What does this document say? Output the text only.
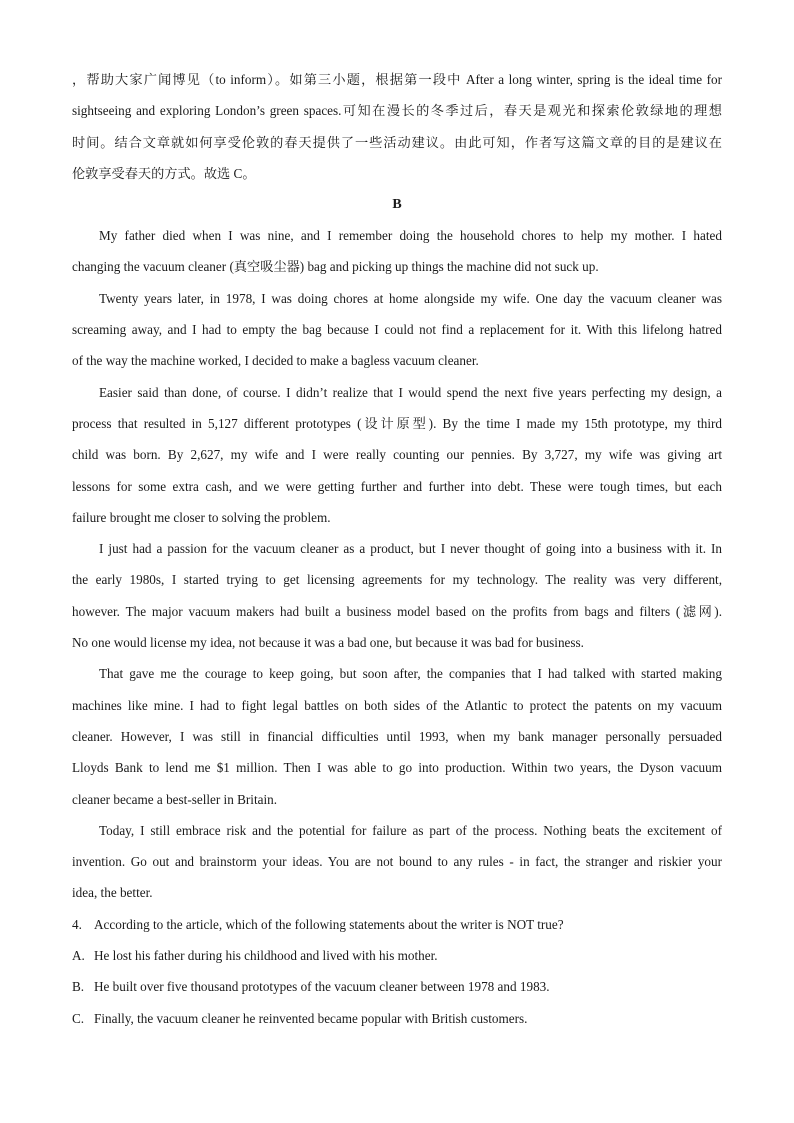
，帮助大家广闻博见（to inform）。如第三小题，根据第一段中 After a long winter, spring is the ideal time for
sightseeing and exploring London’s green spaces.可知在漫长的冬季过后，春天是观光和探索伦敦绿地的理想
时间。结合文章就如何享受伦敦的春天提供了一些活动建议。由此可知，作者写这篇文章的目的是建议在
伦敦享受春天的方式。故选 C。
B
My father died when I was nine, and I remember doing the household chores to help my mother. I hated
changing the vacuum cleaner (真空吸尘器) bag and picking up things the machine did not suck up.
Twenty years later, in 1978, I was doing chores at home alongside my wife. One day the vacuum cleaner was
screaming away, and I had to empty the bag because I could not find a replacement for it. With this lifelong hatred
of the way the machine worked, I decided to make a bagless vacuum cleaner.
Easier said than done, of course. I didn’t realize that I would spend the next five years perfecting my design, a
process that resulted in 5,127 different prototypes (设计原型). By the time I made my 15th prototype, my third
child was born. By 2,627, my wife and I were really counting our pennies. By 3,727, my wife was giving art
lessons for some extra cash, and we were getting further and further into debt. These were tough times, but each
failure brought me closer to solving the problem.
I just had a passion for the vacuum cleaner as a product, but I never thought of going into a business with it. In
the early 1980s, I started trying to get licensing agreements for my technology. The reality was very different,
however. The major vacuum makers had built a business model based on the profits from bags and filters (滤网).
No one would license my idea, not because it was a bad one, but because it was bad for business.
That gave me the courage to keep going, but soon after, the companies that I had talked with started making
machines like mine. I had to fight legal battles on both sides of the Atlantic to protect the patents on my vacuum
cleaner. However, I was still in financial difficulties until 1993, when my bank manager personally persuaded
Lloyds Bank to lend me $1 million. Then I was able to go into production. Within two years, the Dyson vacuum
cleaner became a best-seller in Britain.
Today, I still embrace risk and the potential for failure as part of the process. Nothing beats the excitement of
invention. Go out and brainstorm your ideas. You are not bound to any rules - in fact, the stranger and riskier your
idea, the better.
4. According to the article, which of the following statements about the writer is NOT true?
A. He lost his father during his childhood and lived with his mother.
B. He built over five thousand prototypes of the vacuum cleaner between 1978 and 1983.
C. Finally, the vacuum cleaner he reinvented became popular with British customers.
